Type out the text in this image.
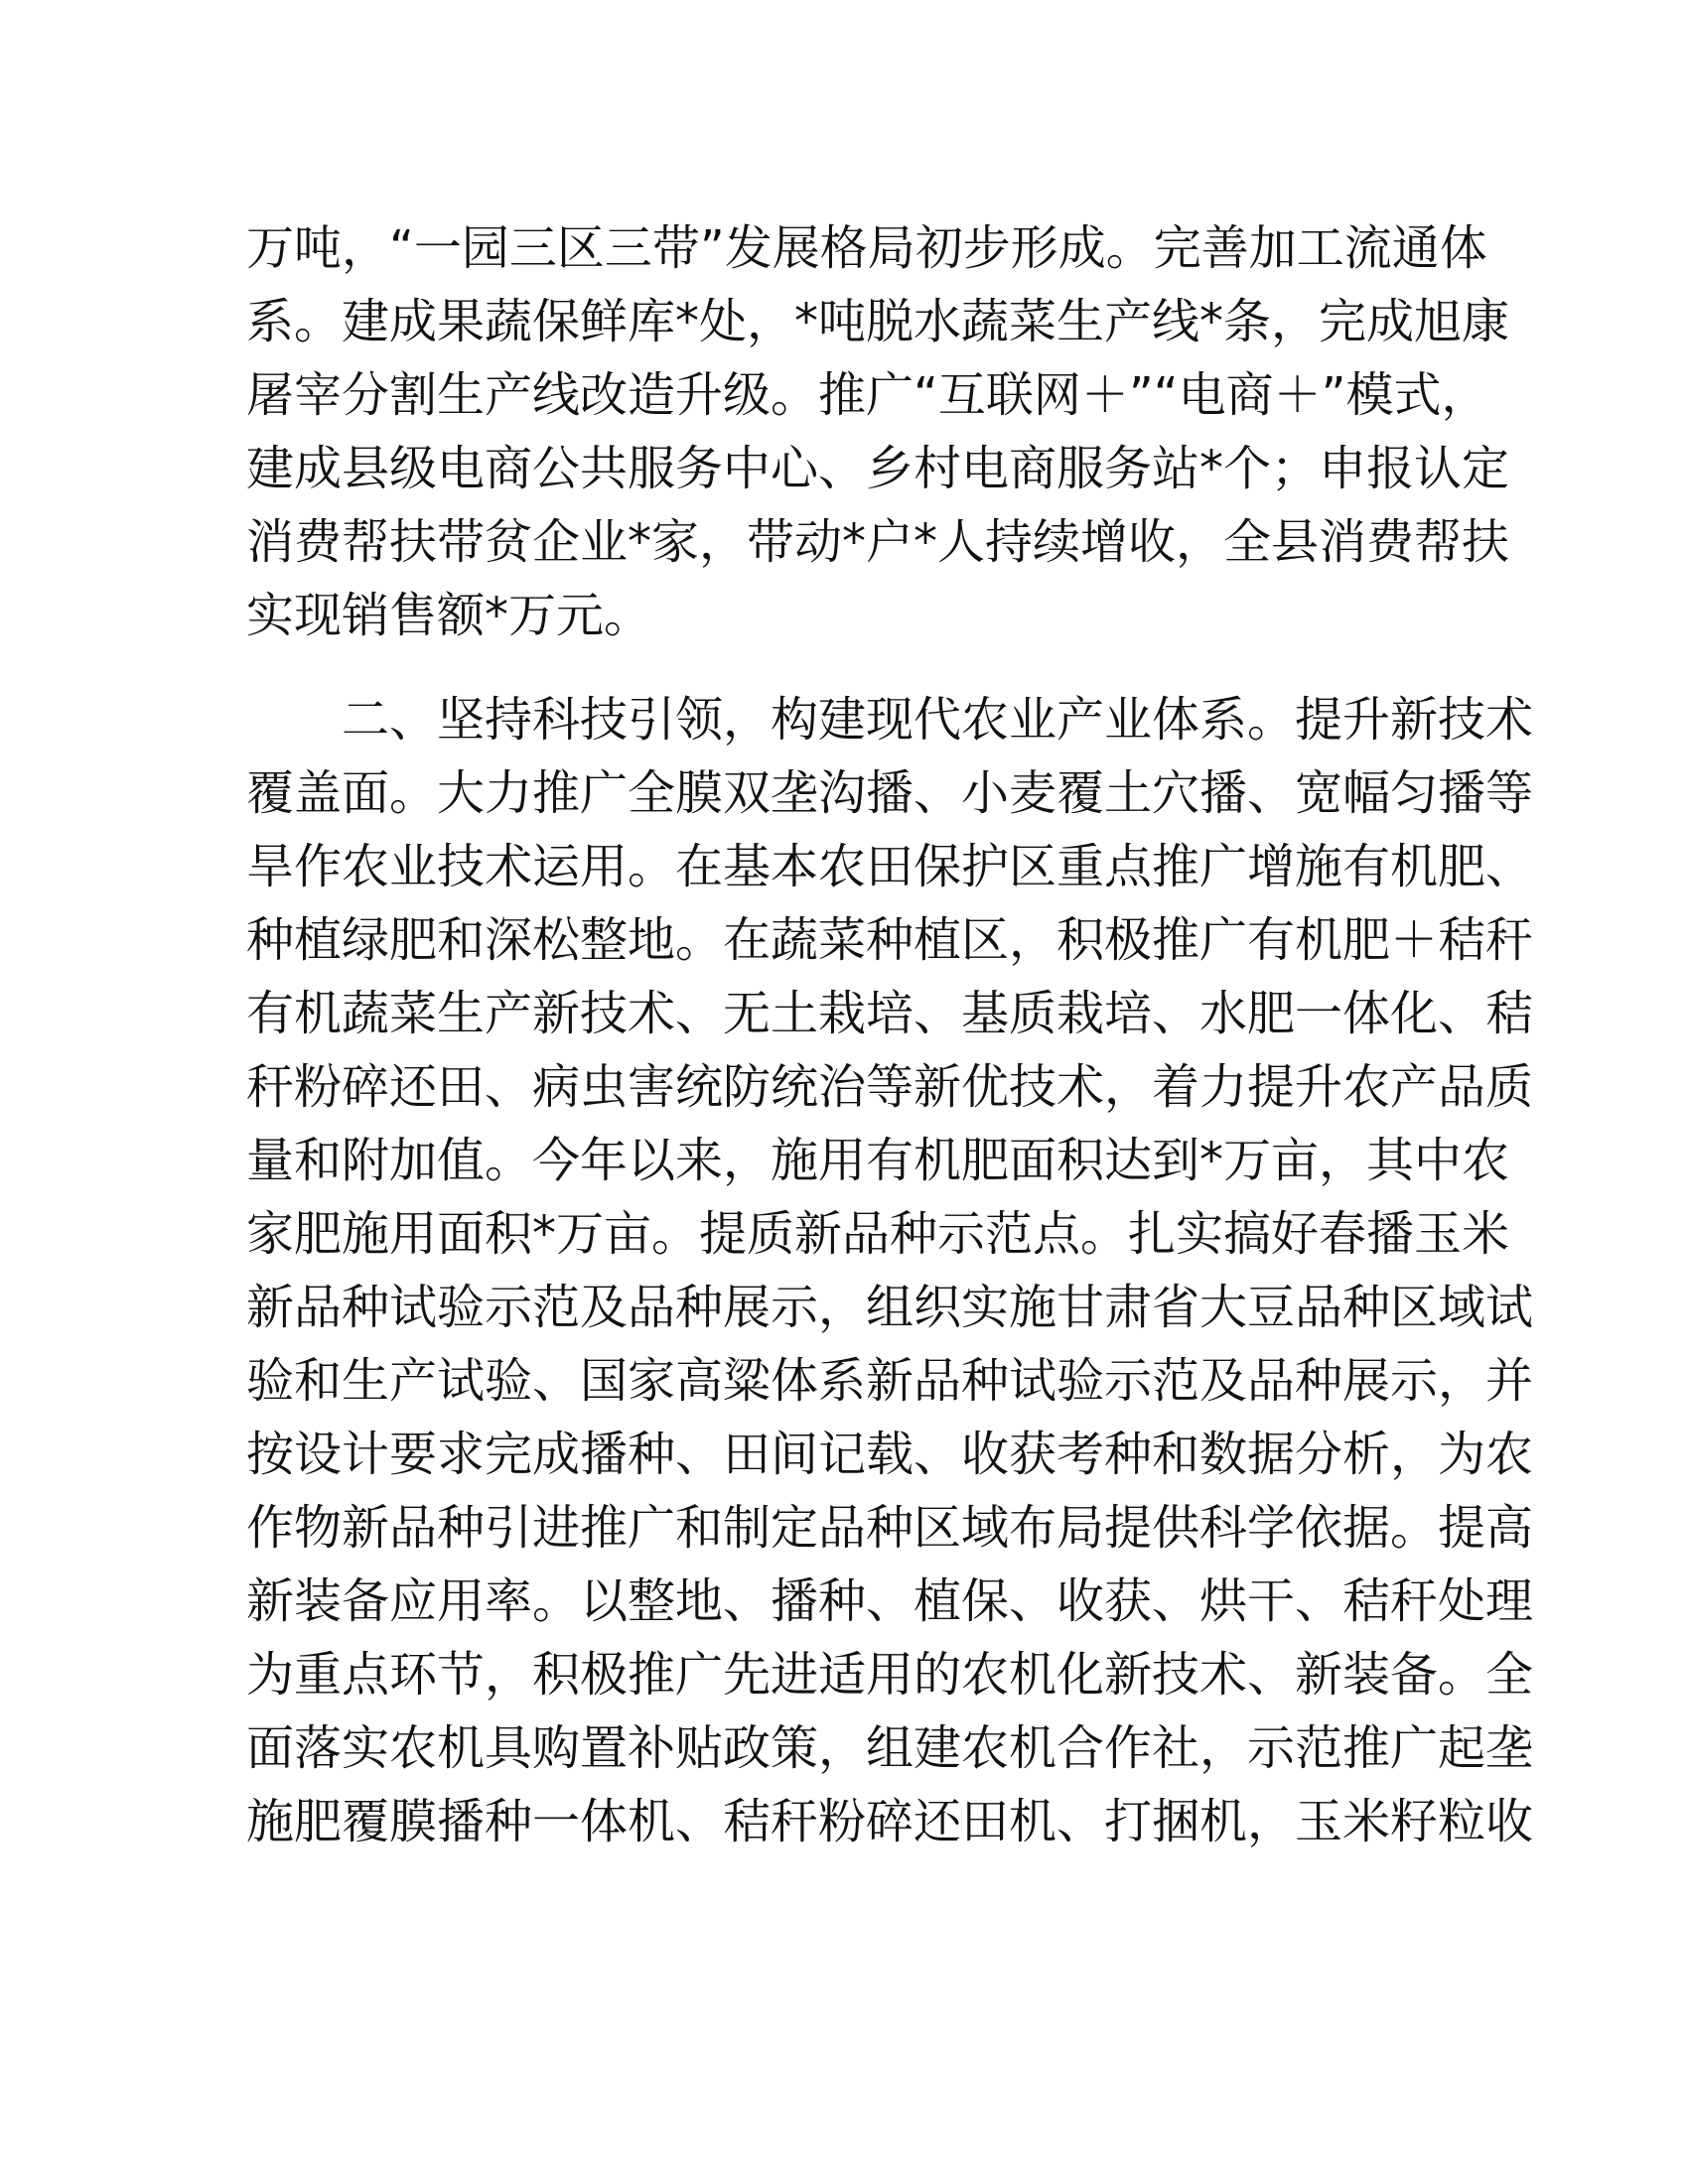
万吨，“一园三区三带”发展格局初步形成。完善加工流通体
系。建成果蔬保鲜库*处，*吨脱水蔬菜生产线*条，完成旭康
屠宰分割生产线改造升级。推广“互联网＋”“电商＋”模式，
建成县级电商公共服务中心、乡村电商服务站*个；申报认定
消费帮扶带贫企业*家，带动*户*人持续增收，全县消费帮扶
实现销售额*万元。
二、坚持科技引领，构建现代农业产业体系。提升新技术
覆盖面。大力推广全膜双垄沟播、小麦覆土穴播、宽幅匀播等
旱作农业技术运用。在基本农田保护区重点推广增施有机肥、
种植绿肥和深松整地。在蔬菜种植区，积极推广有机肥＋秸秆
有机蔬菜生产新技术、无土栽培、基质栽培、水肥一体化、秸
秆粉碎还田、病虫害统防统治等新优技术，着力提升农产品质
量和附加值。今年以来，施用有机肥面积达到*万亩，其中农
家肥施用面积*万亩。提质新品种示范点。扎实搞好春播玉米
新品种试验示范及品种展示，组织实施甘肃省大豆品种区域试
验和生产试验、国家高粱体系新品种试验示范及品种展示，并
按设计要求完成播种、田间记载、收获考种和数据分析，为农
作物新品种引进推广和制定品种区域布局提供科学依据。提高
新装备应用率。以整地、播种、植保、收获、烘干、秸秆处理
为重点环节，积极推广先进适用的农机化新技术、新装备。全
面落实农机具购置补贴政策，组建农机合作社，示范推广起垄
施肥覆膜播种一体机、秸秆粉碎还田机、打捆机，玉米籽粒收
